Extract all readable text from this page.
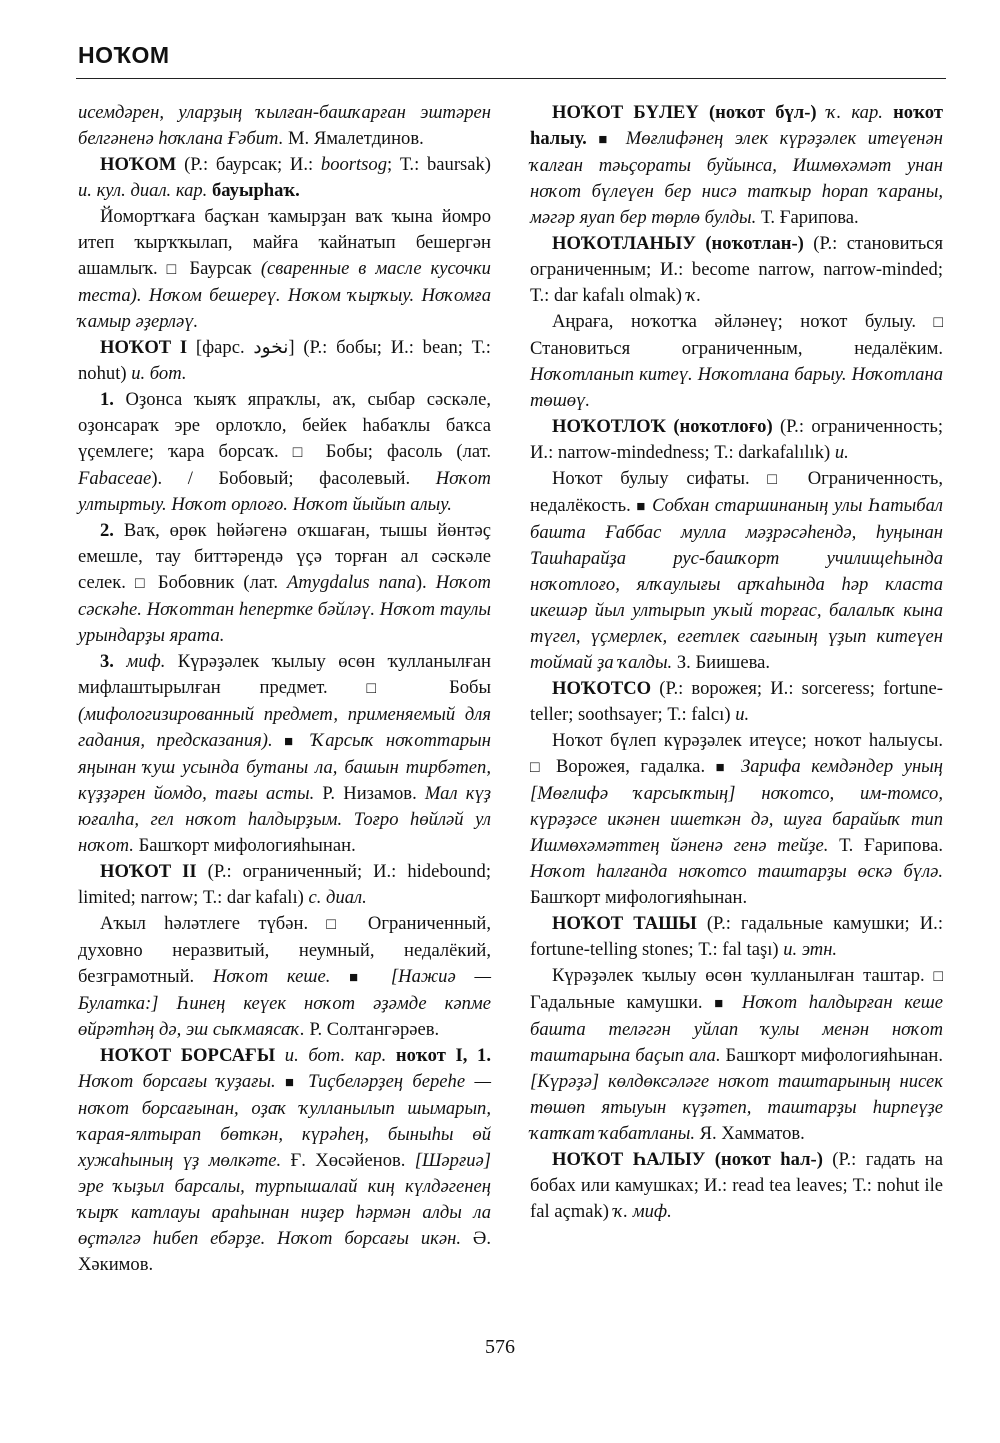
НОҠОМ

исемдәрен, уларҙың ҡылған-башҡарған эштәрен белгәненә һоҡлана Ғәбит. М. Ямалетдинов.

НОҠОМ (Р.: баурсак; И.: boortsog; Т.: baursak) и. кул. диал. кар. бауырһаҡ.

Йомортҡаға баҫҡан ҡамырҙан ваҡ ҡына йомро итеп ҡырҡҡылап, майға ҡайнатып бешергән ашамлыҡ. □ Баурсак (сваренные в масле кусочки теста). Ноҡом бешереү. Ноҡом ҡырҡыу. Ноҡомға ҡамыр әҙерләү.

НОҠОТ I [фарс. نخود] (Р.: бобы; И.: bean; Т.: nohut) и. бот.

1. Оҙонса ҡыяҡ япраҡлы, аҡ, сыбар сәскәле, оҙонсараҡ эре орлоҡло, бейек һабаҡлы баҡса үҫемлеге; ҡара борсаҡ. □ Бобы; фасоль (лат. Fabaceae). / Бобовый; фасолевый. Ноҡот ултыртыу. Ноҡот орлоғо. Ноҡот йыйып алыу.

2. Ваҡ, өрөк һөйәгенә оҡшаған, тышы йөнтәҫ емешле, тау биттәрендә үҫә торған ал сәскәле селек. □ Бобовник (лат. Amygdalus nana). Ноҡот сәскәһе. Ноҡоттан һепертке бәйләү. Ноҡот таулы урындарҙы ярата.

3. миф. Күрәҙәлек ҡылыу өсөн ҡулланылған мифлаштырылған предмет. □ Бобы (мифологизированный предмет, применяемый для гадания, предсказания). ■ Ҡарсыҡ ноҡоттарын яңынан ҡуш усында бутаны ла, башын тирбәтеп, күҙҙәрен йомдо, тағы асты. Р. Низамов. Мал күҙ юғалһа, гел ноҡот һалдырҙым. Тоғро һөйләй ул ноҡот. Башҡорт мифологияһынан.

НОҠОТ II (Р.: ограниченный; И.: hidebound; limited; narrow; Т.: dar kafalı) с. диал.

Аҡыл һәләтлеге түбән. □ Ограниченный, духовно неразвитый, неумный, недалёкий, безграмотный. Ноҡот кеше. ■ [Нажиә — Булатка:] Һинең кеүек ноҡот әҙәмде кәпме өйрәтһәң дә, эш сыҡмаясаҡ. Р. Солтангәрәев.

НОҠОТ БОРСАҒЫ и. бот. кар. ноҡот I, 1. Ноҡот борсағы ҡуҙағы. ■ Тиҫбеләрҙең береһе — ноҡот борсағынан, оҙаҡ ҡулланылып шымарып, ҡарая-ялтырап бөткән, күрәһең, быныһы өй хужаһының үҙ мөлкәте. Ғ. Хөсәйенов. [Шәрғиә] эре ҡыҙыл барсалы, турпышалай киң күлдәгенең ҡырҡ катлауы араһынан ниҙер һәрмән алды ла өҫтәлгә һибеп ебәрҙе. Ноҡот борсағы икән. Ә. Хәкимов.

НОҠОТ БҮЛЕҮ (ноҡот бүл-) ҡ. кар. ноҡот һалыу. ■ Мөғлифәнең элек күрәҙәлек итеүенән ҡалған тәьҫораты буйынса, Ишмөхәмәт унан ноҡот бүлеүен бер нисә тапҡыр һорап ҡараны, мәгәр яуап бер төрлө булды. Т. Ғарипова.

НОҠОТЛАНЫУ (ноҡотлан-) (Р.: становиться ограниченным; И.: become narrow, narrow-minded; Т.: dar kafalı olmak) ҡ.

Аңрағa, ноҡотҡа әйләнеү; ноҡот булыу. □ Становиться ограниченным, недалёким. Ноҡотланып китеү. Ноҡотлана барыу. Ноҡотлана төшөү.

НОҠОТЛОҠ (ноҡотлоғо) (Р.: ограниченность; И.: narrow-mindedness; Т.: darkafalılık) и.

Ноҡот булыу сифаты. □ Ограниченность, недалёкость. ■ Собхан старшинаның улы Һатыбал башта Ғаббас мулла мәҙрәсәһендә, һуңынан Ташһарайҙа рус-башҡорт училищеһында ноҡотлоғо, ялҡаулығы арҡаһында һәр класта икешәр йыл ултырып уҡый торғас, балалыҡ кына түгел, үҫмерлек, егетлек сағының үҙып китеүен тоймай ҙа ҡалды. З. Биишева.

НОҠОТСО (Р.: ворожея; И.: sorceress; fortune-teller; soothsayer; Т.: falcı) и.

Ноҡот бүлеп күрәҙәлек итеүсе; ноҡот һалыусы. □ Ворожея, гадалка. ■ Зарифа кемдәндер уның [Мөғлифә ҡарсыҡтың] ноҡотсо, им-томсо, күрәҙәсе икәнен ишеткән дә, шуға барайыҡ тип Ишмөхәмәттең йәненә генә тейҙе. Т. Ғарипова. Ноҡот һалғанда ноҡотсо таштарҙы өскә бүлә. Башҡорт мифологияһынан.

НОҠОТ ТАШЫ (Р.: гадальные камушки; И.: fortune-telling stones; Т.: fal taşı) и. этн.

Күрәҙәлек ҡылыу өсөн ҡулланылған таштар. □ Гадальные камушки. ■ Ноҡот һалдырған кеше башта теләгән уйлап ҡулы менән ноҡот таштарына баҫып ала. Башҡорт мифологияһынан. [Күрәҙә] көлдөксәләге ноҡот таштарының нисек төшөп ятыуын күҙәтеп, таштарҙы һирпеүҙе ҡатҡат ҡабатланы. Я. Хамматов.

НОҠОТ ҺАЛЫУ (ноҡот һал-) (Р.: гадать на бобах или камушках; И.: read tea leaves; Т.: nohut ile fal açmak) ҡ. миф.

576
